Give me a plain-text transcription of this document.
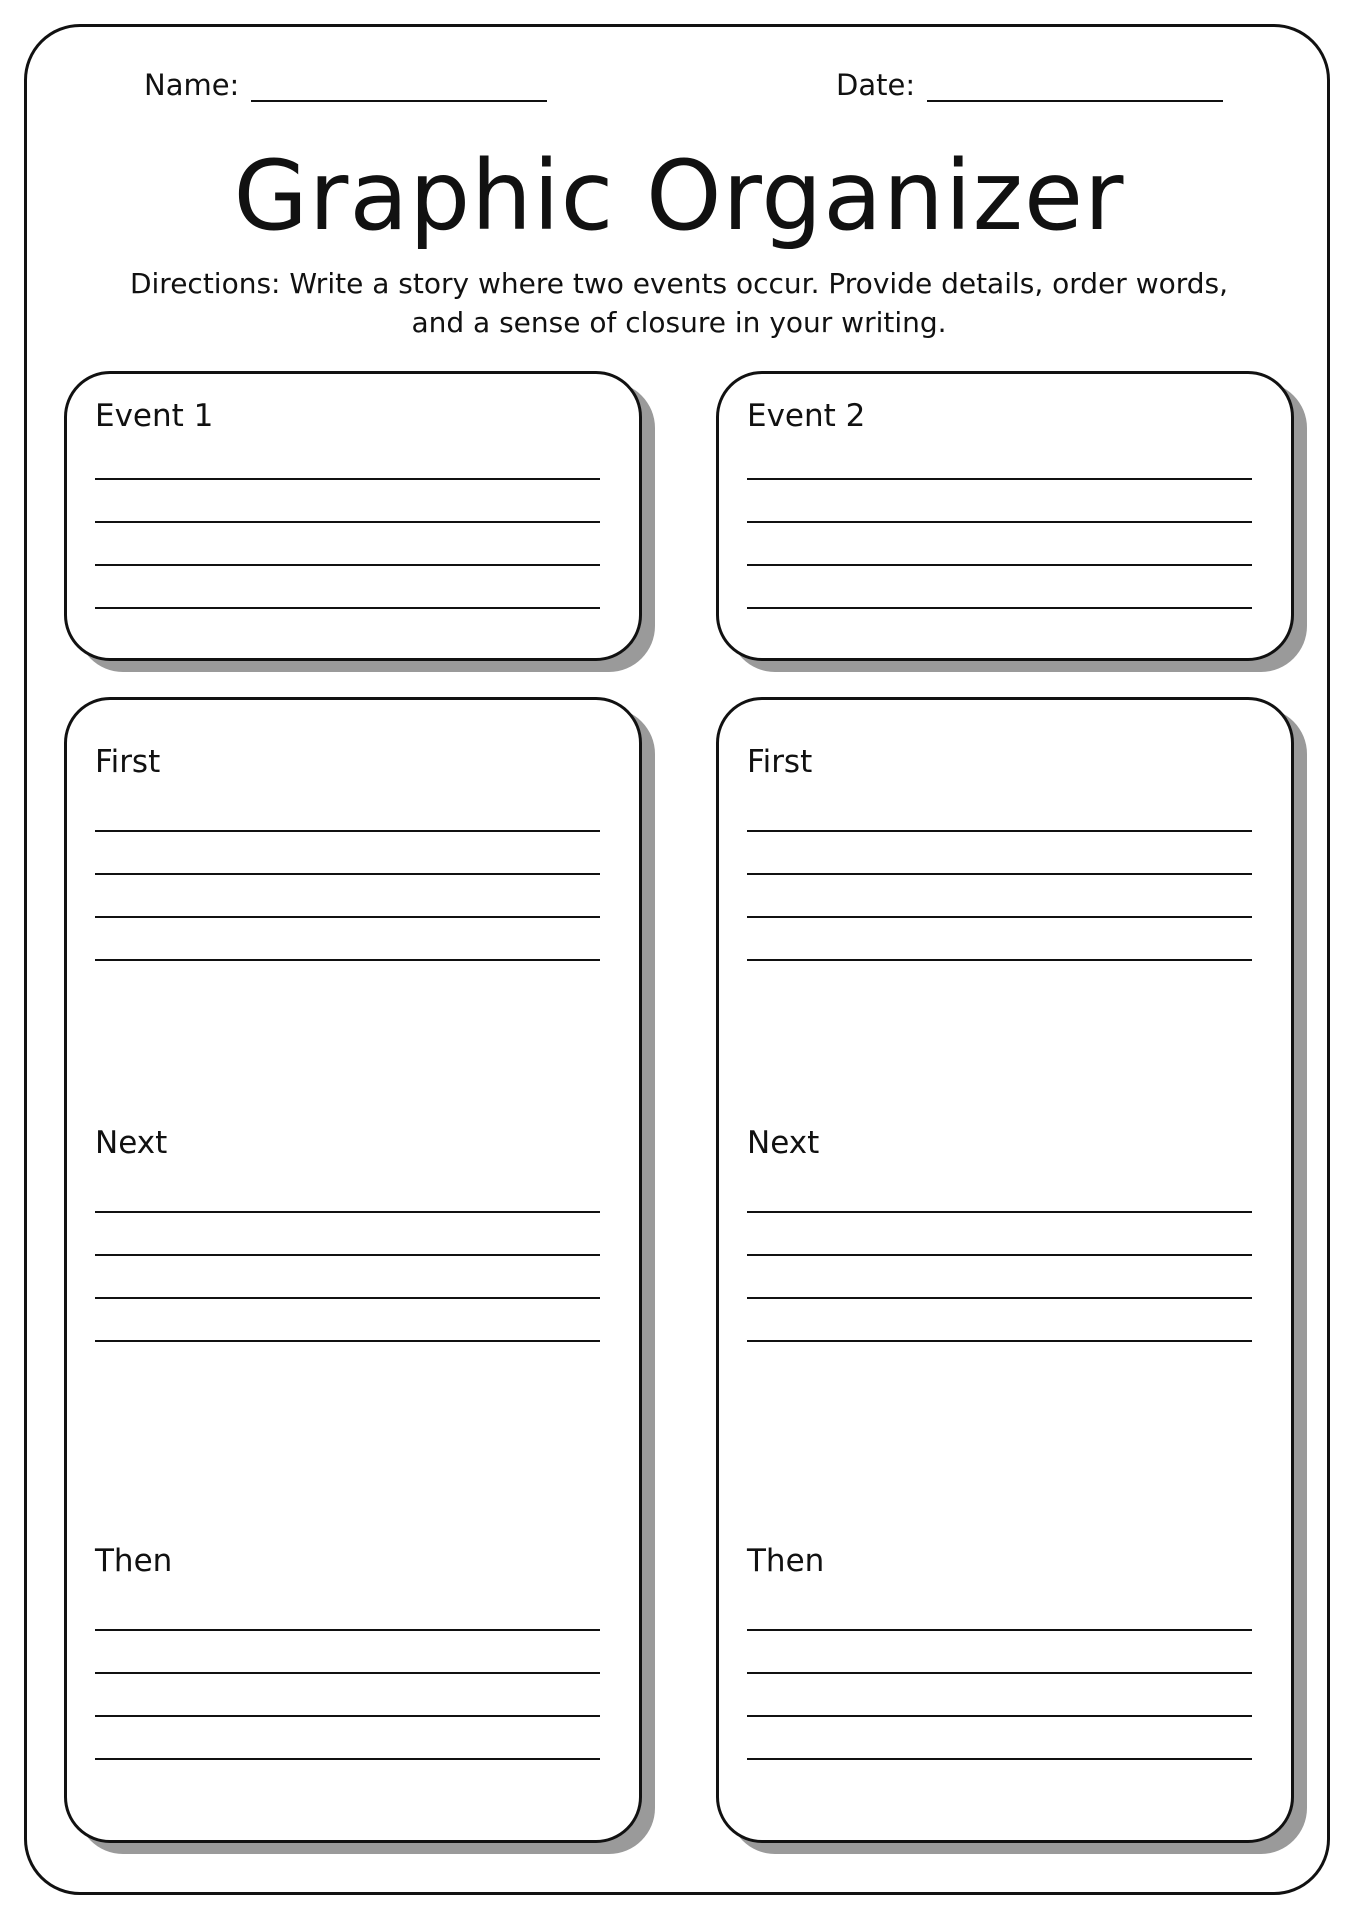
Name:	Date:
Graphic Organizer
Directions: Write a story where two events occur. Provide details, order words, and a sense of closure in your writing.
Event 1	Event 2
First
Next
Then
First
Next
Then
